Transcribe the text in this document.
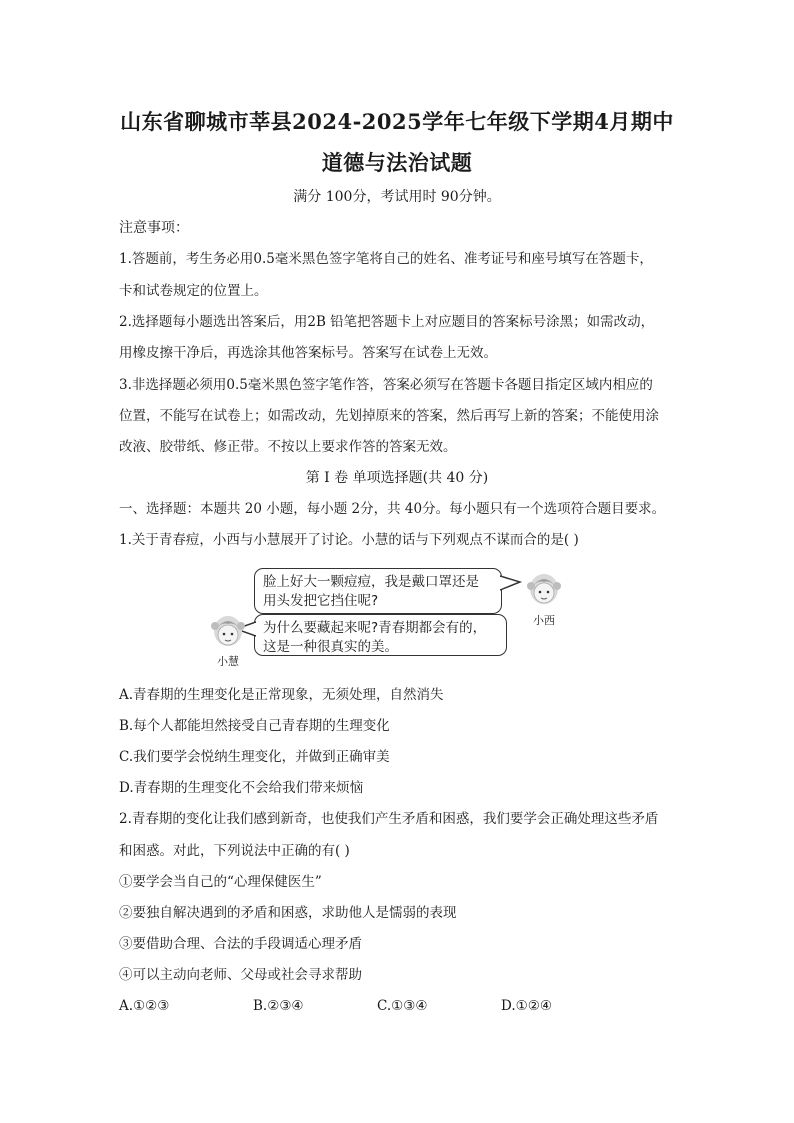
山东省聊城市莘县2024-2025学年七年级下学期4月期中
道德与法治试题
满分 100分，考试用时 90分钟。
注意事项：
1.答题前，考生务必用0.5毫米黑色签字笔将自己的姓名、准考证号和座号填写在答题卡，
卡和试卷规定的位置上。
2.选择题每小题选出答案后，用2B 铅笔把答题卡上对应题目的答案标号涂黑；如需改动，
用橡皮擦干净后，再选涂其他答案标号。答案写在试卷上无效。
3.非选择题必须用0.5毫米黑色签字笔作答，答案必须写在答题卡各题目指定区域内相应的
位置，不能写在试卷上；如需改动，先划掉原来的答案，然后再写上新的答案；不能使用涂
改液、胶带纸、修正带。不按以上要求作答的答案无效。
第 I 卷 单项选择题(共 40 分)
一、选择题：本题共 20 小题，每小题 2分，共 40分。每小题只有一个选项符合题目要求。
1.关于青春痘，小西与小慧展开了讨论。小慧的话与下列观点不谋而合的是( )
脸上好大一颗痘痘，我是戴口罩还是
用头发把它挡住呢?
为什么要藏起来呢?青春期都会有的，
这是一种很真实的美。
小西
小慧
A.青春期的生理变化是正常现象，无须处理，自然消失
B.每个人都能坦然接受自己青春期的生理变化
C.我们要学会悦纳生理变化，并做到正确审美
D.青春期的生理变化不会给我们带来烦恼
2.青春期的变化让我们感到新奇，也使我们产生矛盾和困惑，我们要学会正确处理这些矛盾
和困惑。对此，下列说法中正确的有( )
①要学会当自己的“心理保健医生”
②要独自解决遇到的矛盾和困惑，求助他人是懦弱的表现
③要借助合理、合法的手段调适心理矛盾
④可以主动向老师、父母或社会寻求帮助
A.①②③	B.②③④	C.①③④	D.①②④
